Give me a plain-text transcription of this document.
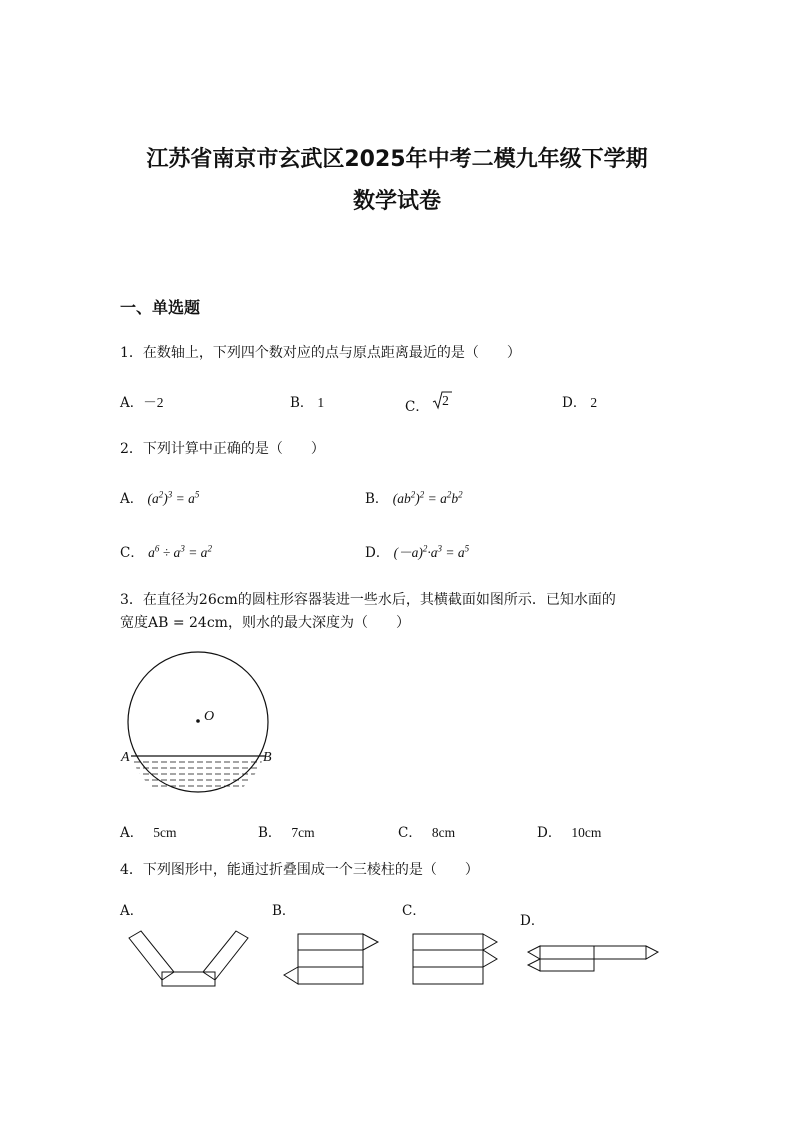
江苏省南京市玄武区2025年中考二模九年级下学期
数学试卷
一、单选题
1．在数轴上，下列四个数对应的点与原点距离最近的是（　　）
A．－2	B． 1	C． 2	D． 2
2．下列计算中正确的是（　　）
A． $(a^2)^3 = a^5$	B． $(ab^2)^2 = a^2b^2$
C． $a^6 \div a^3 = a^2$	D． $(-a)^2\cdot a^3 = a^5$
3．在直径为26cm的圆柱形容器装进一些水后，其横截面如图所示．已知水面的
宽度AB = 24cm，则水的最大深度为（　　）
O
A	B
A． 5cm	B． 7cm	C． 8cm	D． 10cm
4．下列图形中，能通过折叠围成一个三棱柱的是（　　）
A．	B．	C．
D．
